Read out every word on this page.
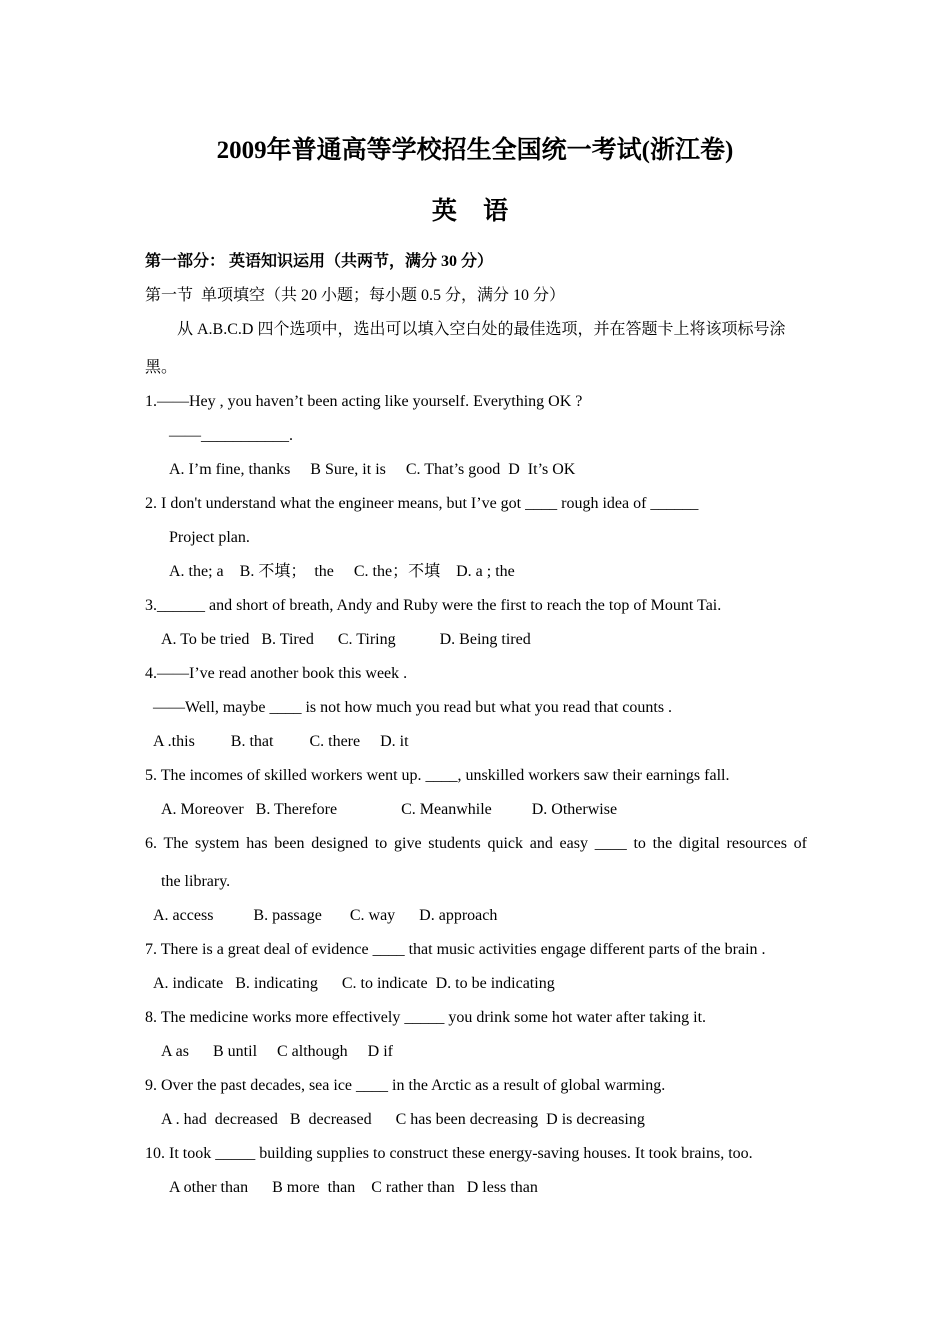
2009年普通高等学校招生全国统一考试(浙江卷)
英 语
第一部分： 英语知识运用（共两节，满分 30 分）
第一节  单项填空（共 20 小题；每小题 0.5 分，满分 10 分）
从 A.B.C.D 四个选项中，选出可以填入空白处的最佳选项，并在答题卡上将该项标号涂
黑。
1.——Hey , you haven’t been acting like yourself. Everything OK ?
——___________.
A. I’m fine, thanks     B Sure, it is     C. That’s good  D  It’s OK
2. I don't understand what the engineer means, but I’ve got ____ rough idea of ______
Project plan.
A. the; a    B. 不填；  the     C. the；不填    D. a ; the
3.______ and short of breath, Andy and Ruby were the first to reach the top of Mount Tai.
A. To be tried   B. Tired      C. Tiring           D. Being tired
4.——I’ve read another book this week .
——Well, maybe ____ is not how much you read but what you read that counts .
A .this         B. that         C. there     D. it
5. The incomes of skilled workers went up. ____, unskilled workers saw their earnings fall.
A. Moreover   B. Therefore                C. Meanwhile          D. Otherwise
6. The system has been designed to give students quick and easy ____ to the digital resources of
the library.
A. access          B. passage       C. way      D. approach
7. There is a great deal of evidence ____ that music activities engage different parts of the brain .
A. indicate   B. indicating      C. to indicate  D. to be indicating
8. The medicine works more effectively _____ you drink some hot water after taking it.
A as      B until     C although     D if
9. Over the past decades, sea ice ____ in the Arctic as a result of global warming.
A . had  decreased   B  decreased      C has been decreasing  D is decreasing
10. It took _____ building supplies to construct these energy-saving houses. It took brains, too.
A other than      B more  than    C rather than   D less than
